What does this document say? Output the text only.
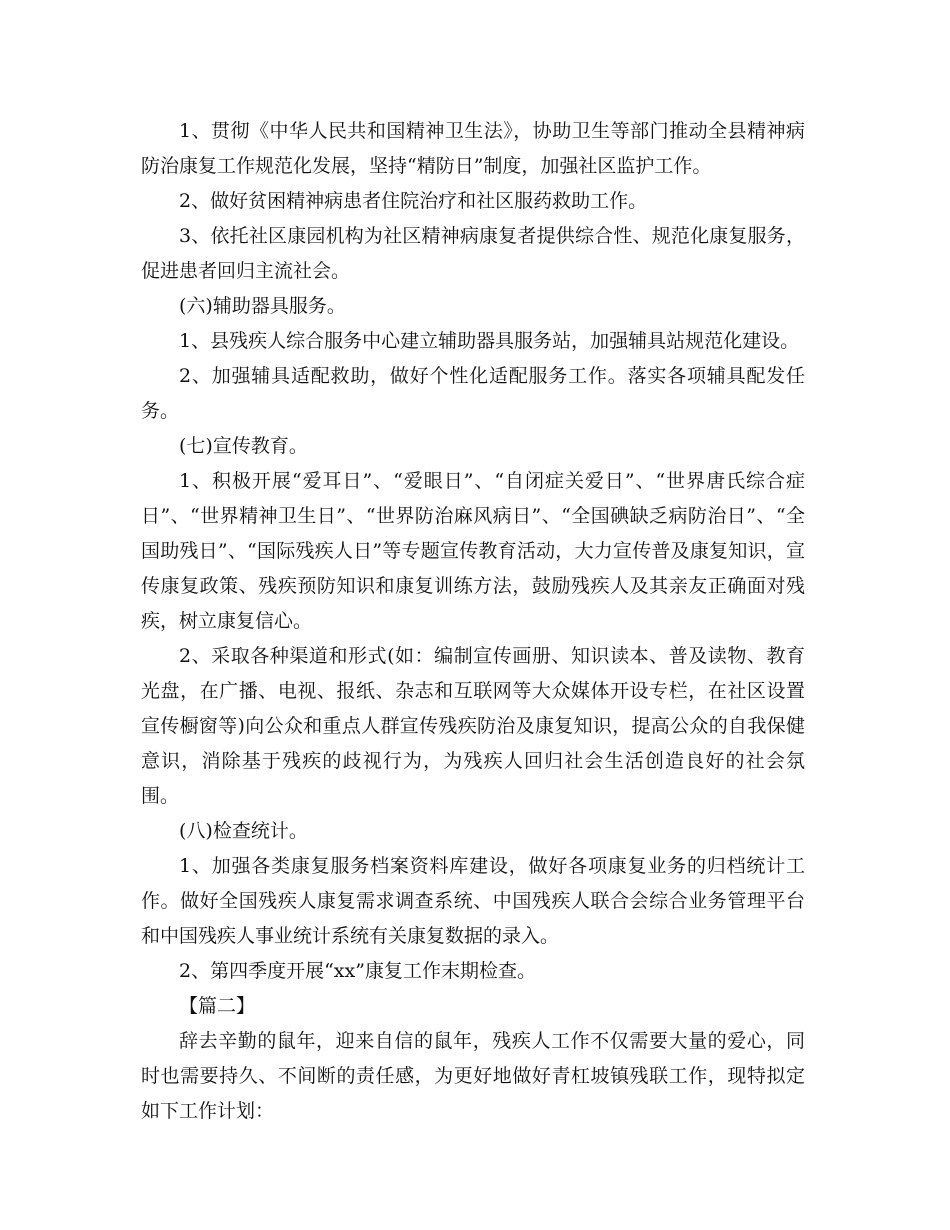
1、贯彻《中华人民共和国精神卫生法》，协助卫生等部门推动全县精神病防治康复工作规范化发展，坚持“精防日”制度，加强社区监护工作。

2、做好贫困精神病患者住院治疗和社区服药救助工作。

3、依托社区康园机构为社区精神病康复者提供综合性、规范化康复服务，促进患者回归主流社会。

(六)辅助器具服务。

1、县残疾人综合服务中心建立辅助器具服务站，加强辅具站规范化建设。

2、加强辅具适配救助，做好个性化适配服务工作。落实各项辅具配发任务。

(七)宣传教育。

1、积极开展“爱耳日”、“爱眼日”、“自闭症关爱日”、“世界唐氏综合症日”、“世界精神卫生日”、“世界防治麻风病日”、“全国碘缺乏病防治日”、“全国助残日”、“国际残疾人日”等专题宣传教育活动，大力宣传普及康复知识，宣传康复政策、残疾预防知识和康复训练方法，鼓励残疾人及其亲友正确面对残疾，树立康复信心。

2、采取各种渠道和形式(如：编制宣传画册、知识读本、普及读物、教育光盘，在广播、电视、报纸、杂志和互联网等大众媒体开设专栏，在社区设置宣传橱窗等)向公众和重点人群宣传残疾防治及康复知识，提高公众的自我保健意识，消除基于残疾的歧视行为，为残疾人回归社会生活创造良好的社会氛围。

(八)检查统计。

1、加强各类康复服务档案资料库建设，做好各项康复业务的归档统计工作。做好全国残疾人康复需求调查系统、中国残疾人联合会综合业务管理平台和中国残疾人事业统计系统有关康复数据的录入。

2、第四季度开展“xx”康复工作末期检查。

【篇二】

辞去辛勤的鼠年，迎来自信的鼠年，残疾人工作不仅需要大量的爱心，同时也需要持久、不间断的责任感，为更好地做好青杠坡镇残联工作，现特拟定如下工作计划：
